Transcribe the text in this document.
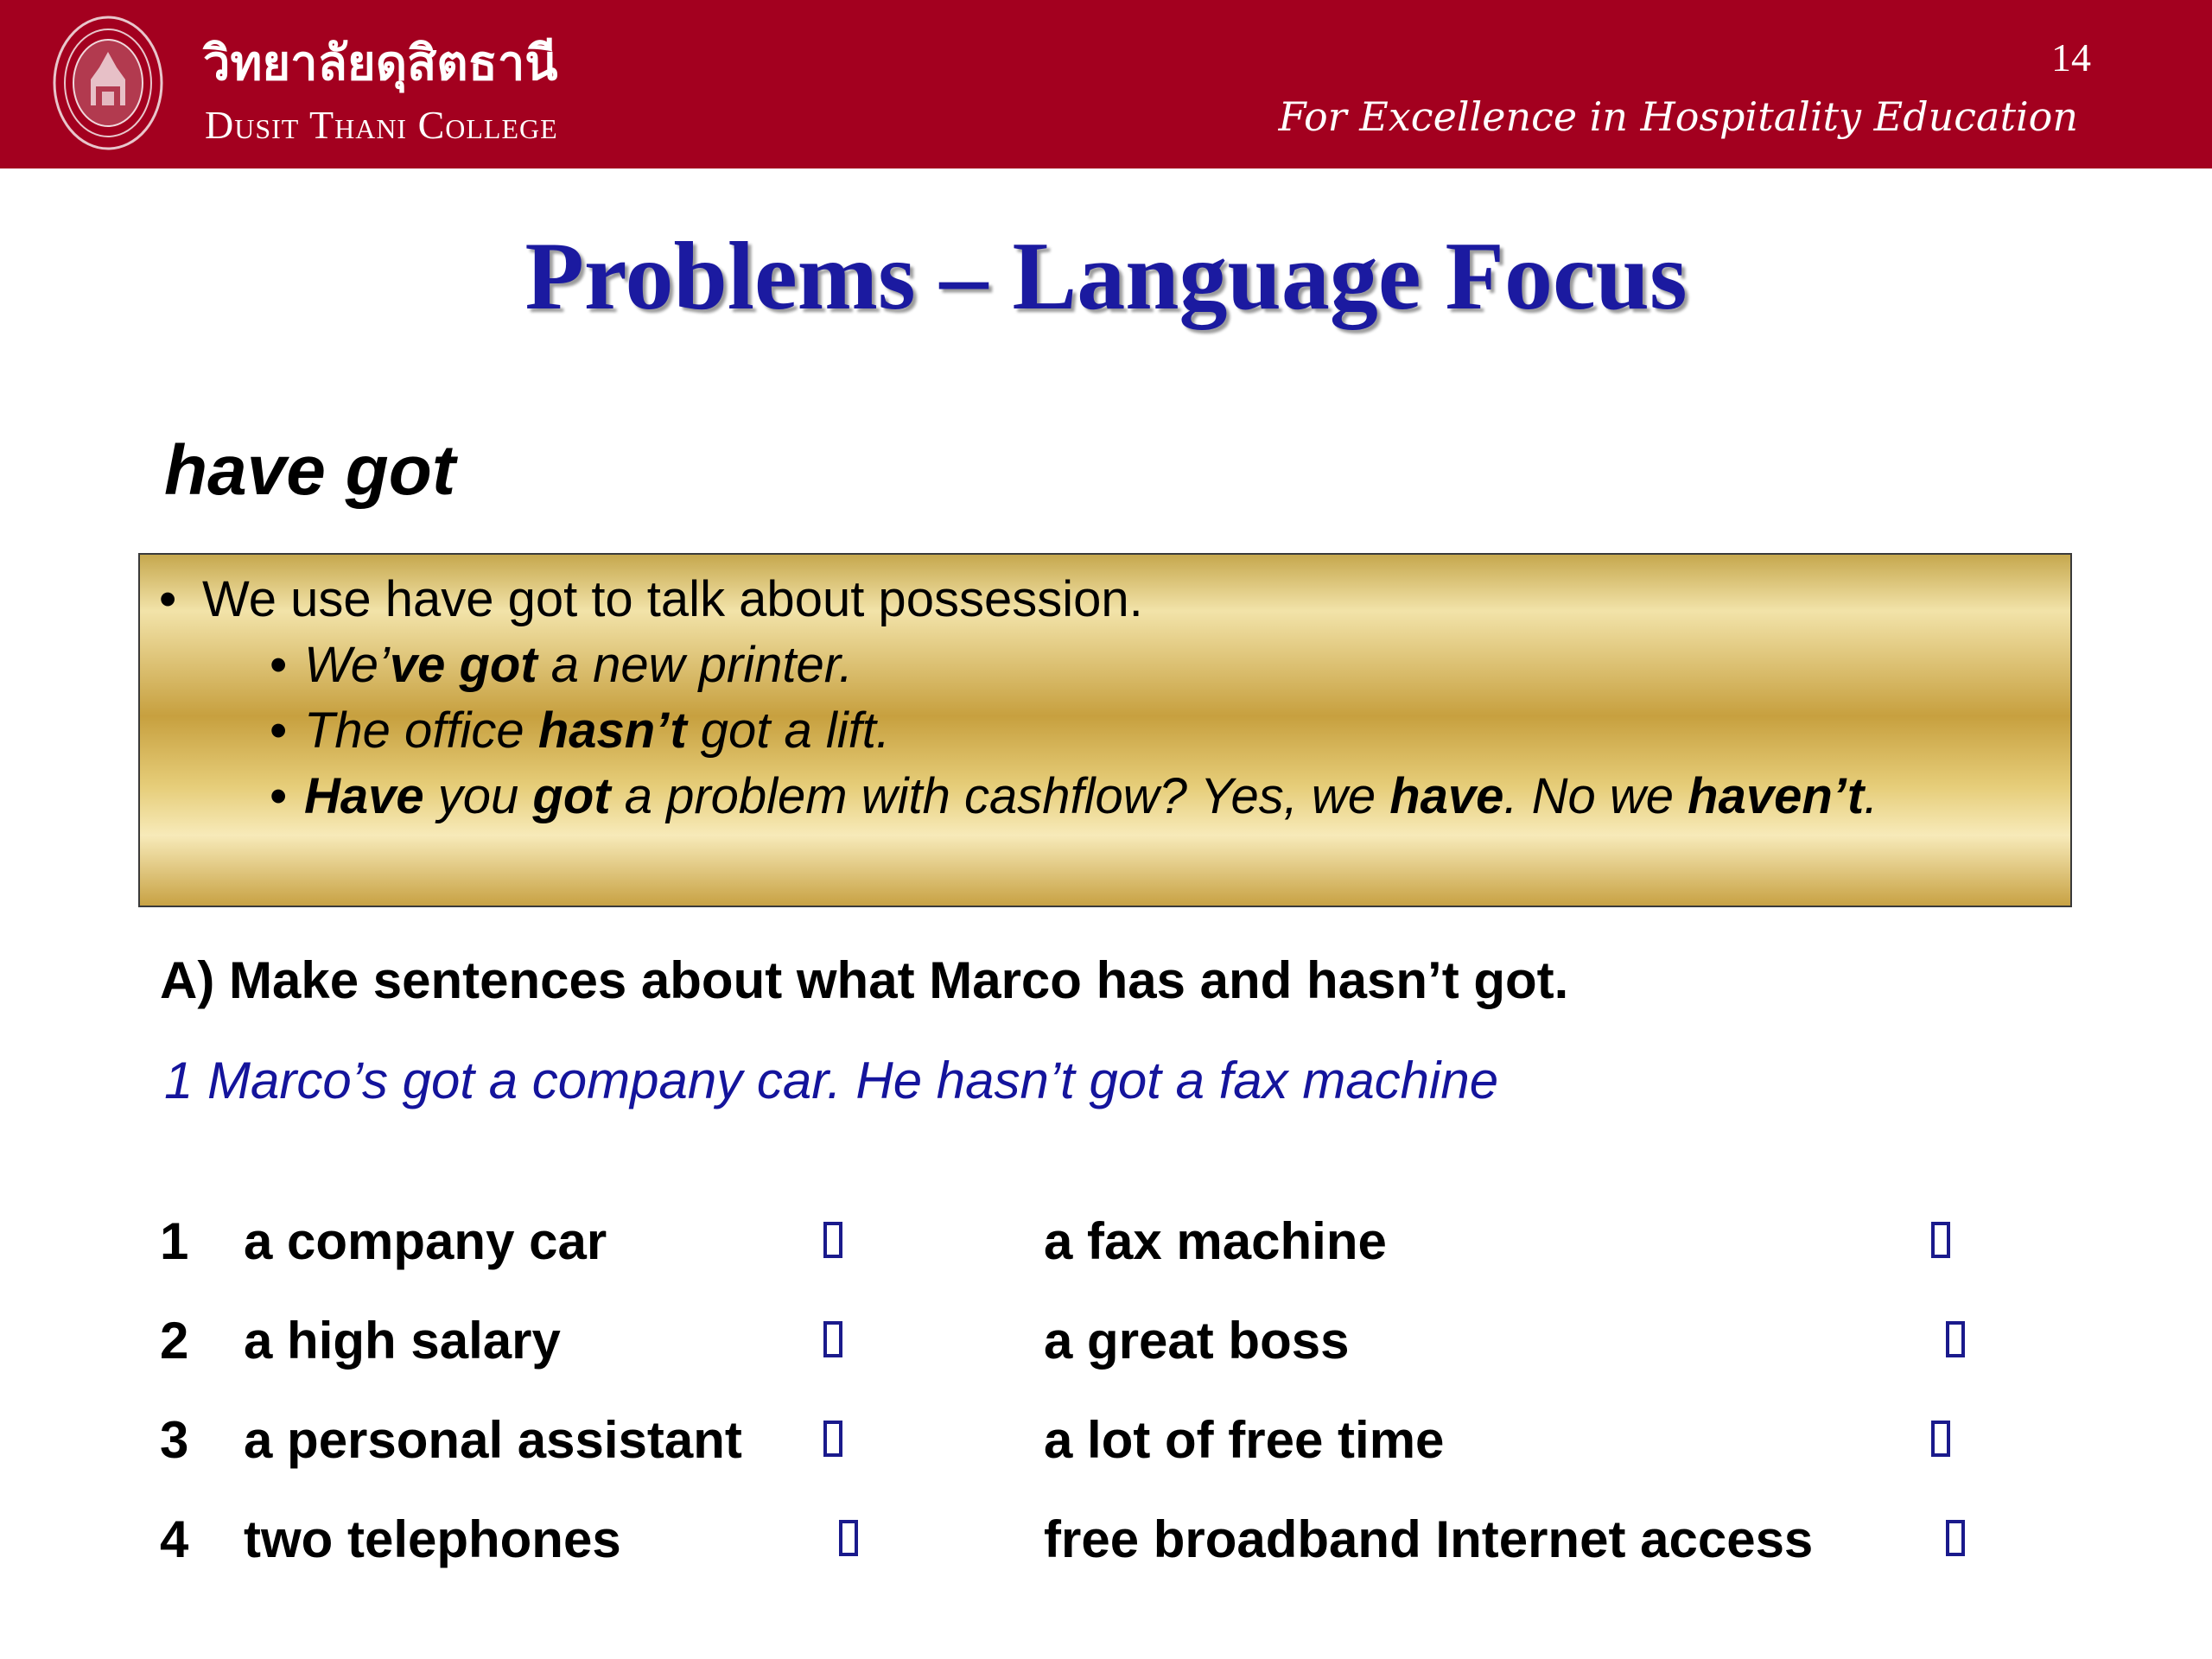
วิทยาลัยดุสิตธานี
Dusit Thani College
14
For Excellence in Hospitality Education
Problems – Language Focus
have got
• We use have got to talk about possession.
• We’ve got a new printer.
• The office hasn’t got a lift.
• Have you got a problem with cashflow? Yes, we have. No we haven’t.
A) Make sentences about what Marco has and hasn’t got.
1 Marco’s got a company car. He hasn’t got a fax machine
1 a company car	a fax machine
2 a high salary	a great boss
3 a personal assistant	a lot of free time
4 two telephones	free broadband Internet access
